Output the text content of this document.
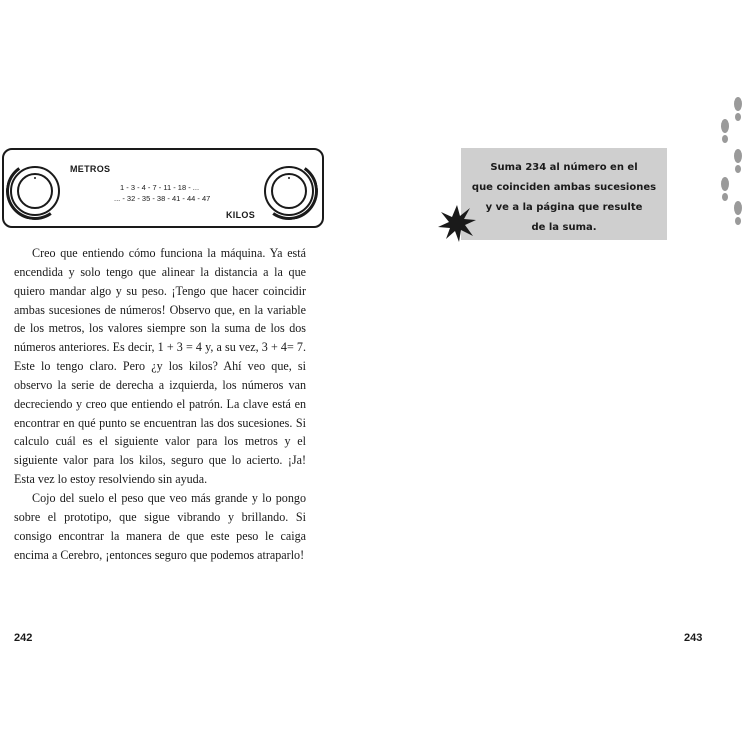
METROS
1 - 3 - 4 - 7 - 11 - 18 - ...
... - 32 - 35 - 38 - 41 - 44 - 47
KILOS

Creo que entiendo cómo funciona la máquina. Ya está encendida y solo tengo que alinear la distancia a la que quiero mandar algo y su peso. ¡Tengo que hacer coincidir ambas sucesiones de números! Observo que, en la variable de los metros, los valores siempre son la suma de los dos números anteriores. Es decir, 1 + 3 = 4 y, a su vez, 3 + 4= 7. Este lo tengo claro. Pero ¿y los kilos? Ahí veo que, si observo la serie de derecha a izquierda, los números van decreciendo y creo que entiendo el patrón. La clave está en encontrar en qué punto se encuentran las dos sucesiones. Si calculo cuál es el siguiente valor para los metros y el siguiente valor para los kilos, seguro que lo acierto. ¡Ja! Esta vez lo estoy resolviendo sin ayuda.

Cojo del suelo el peso que veo más grande y lo pongo sobre el prototipo, que sigue vibrando y brillando. Si consigo encontrar la manera de que este peso le caiga encima a Cerebro, ¡entonces seguro que podemos atraparlo!

242
Suma 234 al número en el
que coinciden ambas sucesiones
y ve a la página que resulte
de la suma.
243
